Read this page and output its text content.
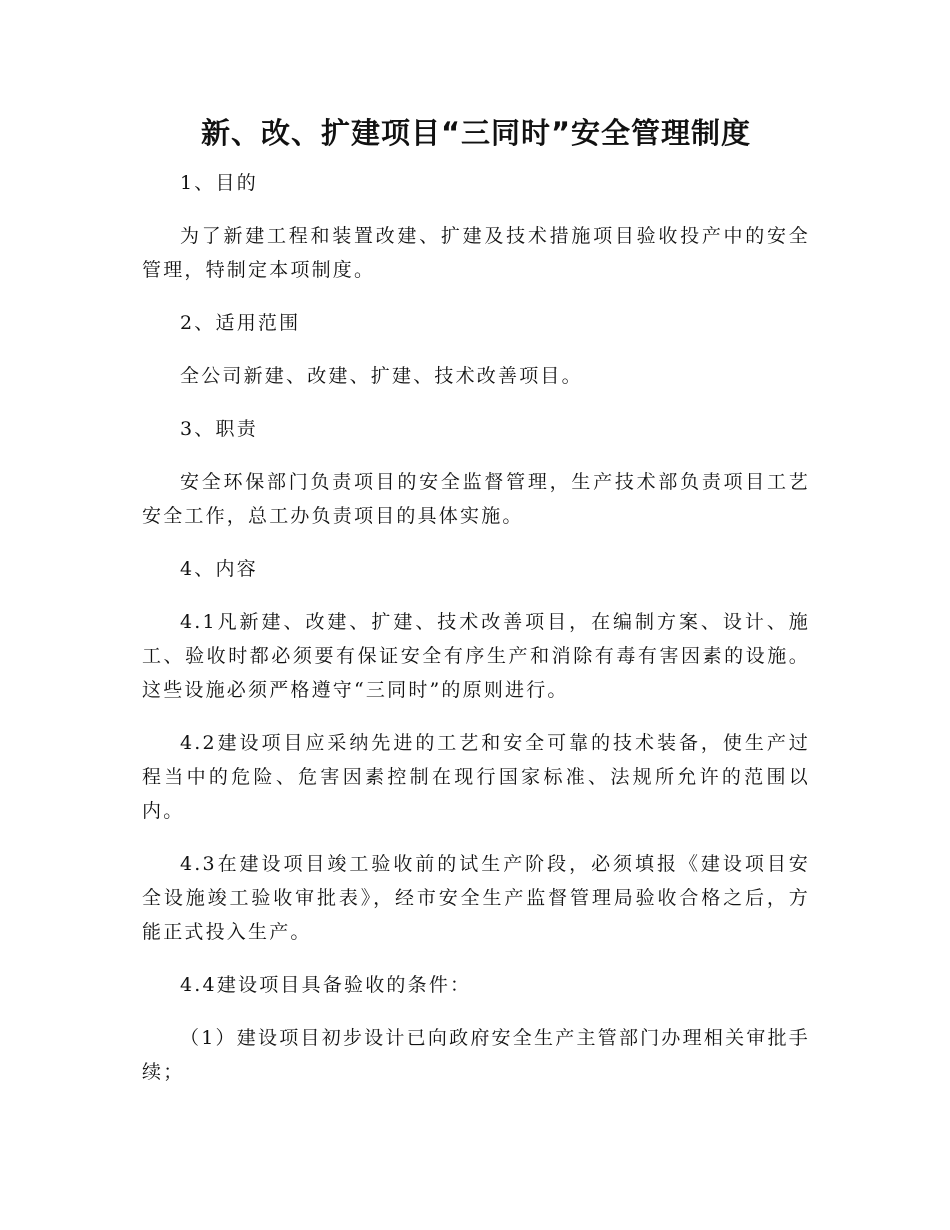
新、改、扩建项目“三同时”安全管理制度

1、目的

为了新建工程和装置改建、扩建及技术措施项目验收投产中的安全管理，特制定本项制度。

2、适用范围

全公司新建、改建、扩建、技术改善项目。

3、职责

安全环保部门负责项目的安全监督管理，生产技术部负责项目工艺安全工作，总工办负责项目的具体实施。

4、内容

4.1凡新建、改建、扩建、技术改善项目，在编制方案、设计、施工、验收时都必须要有保证安全有序生产和消除有毒有害因素的设施。这些设施必须严格遵守“三同时”的原则进行。

4.2建设项目应采纳先进的工艺和安全可靠的技术装备，使生产过程当中的危险、危害因素控制在现行国家标准、法规所允许的范围以内。

4.3在建设项目竣工验收前的试生产阶段，必须填报《建设项目安全设施竣工验收审批表》，经市安全生产监督管理局验收合格之后，方能正式投入生产。

4.4建设项目具备验收的条件：

（1）建设项目初步设计已向政府安全生产主管部门办理相关审批手续；
